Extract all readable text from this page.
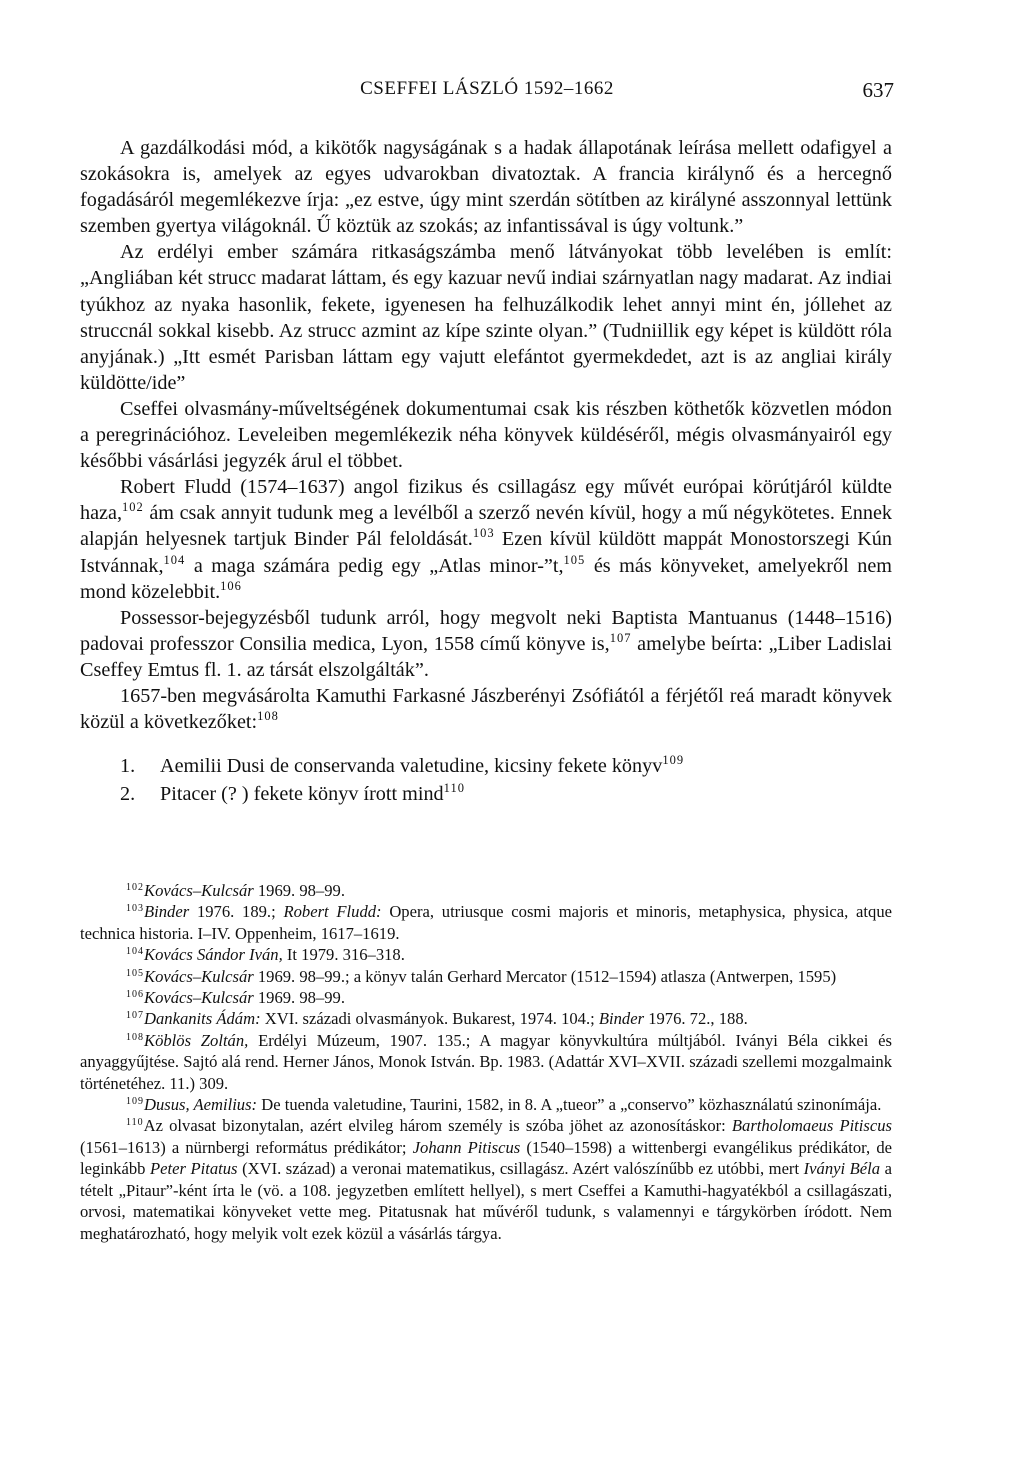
CSEFFEI LÁSZLÓ 1592–1662	637

A gazdálkodási mód, a kikötők nagyságának s a hadak állapotának leírása mellett odafigyel a szokásokra is, amelyek az egyes udvarokban divatoztak. A francia királynő és a hercegnő fogadásáról megemlékezve írja: „ez estve, úgy mint szerdán sötítben az királyné asszonnyal lettünk szemben gyertya világoknál. Ű köztük az szokás; az infantissával is úgy voltunk.”

Az erdélyi ember számára ritkaságszámba menő látványokat több levelében is említ: „Angliában két strucc madarat láttam, és egy kazuar nevű indiai szárnyatlan nagy madarat. Az indiai tyúkhoz az nyaka hasonlik, fekete, igyenesen ha felhuzálkodik lehet annyi mint én, jóllehet az struccnál sokkal kisebb. Az strucc azmint az kípe szinte olyan.” (Tudniillik egy képet is küldött róla anyjának.) „Itt esmét Parisban láttam egy vajutt elefántot gyermekdedet, azt is az angliai király küldötte/ide”

Cseffei olvasmány-műveltségének dokumentumai csak kis részben köthetők közvetlen módon a peregrinációhoz. Leveleiben megemlékezik néha könyvek küldéséről, mégis olvasmányairól egy későbbi vásárlási jegyzék árul el többet.

Robert Fludd (1574–1637) angol fizikus és csillagász egy művét európai körútjáról küldte haza,$^{102}$ ám csak annyit tudunk meg a levélből a szerző nevén kívül, hogy a mű négykötetes. Ennek alapján helyesnek tartjuk Binder Pál feloldását.$^{103}$ Ezen kívül küldött mappát Monostorszegi Kún Istvánnak,$^{104}$ a maga számára pedig egy „Atlas minor-”t,$^{105}$ és más könyveket, amelyekről nem mond közelebbit.$^{106}$

Possessor-bejegyzésből tudunk arról, hogy megvolt neki Baptista Mantuanus (1448–1516) padovai professzor Consilia medica, Lyon, 1558 című könyve is,$^{107}$ amelybe beírta: „Liber Ladislai Cseffey Emtus fl. 1. az társát elszolgálták”.

1657-ben megvásárolta Kamuthi Farkasné Jászberényi Zsófiától a férjétől reá maradt könyvek közül a következőket:$^{108}$

1. Aemilii Dusi de conservanda valetudine, kicsiny fekete könyv$^{109}$
2. Pitacer (? ) fekete könyv írott mind$^{110}$

$^{102}$Kovács–Kulcsár 1969. 98–99.

$^{103}$Binder 1976. 189.; Robert Fludd: Opera, utriusque cosmi majoris et minoris, metaphysica, physica, atque technica historia. I–IV. Oppenheim, 1617–1619.

$^{104}$Kovács Sándor Iván, It 1979. 316–318.

$^{105}$Kovács–Kulcsár 1969. 98–99.; a könyv talán Gerhard Mercator (1512–1594) atlasza (Antwerpen, 1595)

$^{106}$Kovács–Kulcsár 1969. 98–99.

$^{107}$Dankanits Ádám: XVI. századi olvasmányok. Bukarest, 1974. 104.; Binder 1976. 72., 188.

$^{108}$Köblös Zoltán, Erdélyi Múzeum, 1907. 135.; A magyar könyvkultúra múltjából. Iványi Béla cikkei és anyaggyűjtése. Sajtó alá rend. Herner János, Monok István. Bp. 1983. (Adattár XVI–XVII. századi szellemi mozgalmaink történetéhez. 11.) 309.

$^{109}$Dusus, Aemilius: De tuenda valetudine, Taurini, 1582, in 8. A „tueor” a „conservo” közhasználatú szinonímája.

$^{110}$Az olvasat bizonytalan, azért elvileg három személy is szóba jöhet az azonosításkor: Bartholomaeus Pitiscus (1561–1613) a nürnbergi református prédikátor; Johann Pitiscus (1540–1598) a wittenbergi evangélikus prédikátor, de leginkább Peter Pitatus (XVI. század) a veronai matematikus, csillagász. Azért valószínűbb ez utóbbi, mert Iványi Béla a tételt „Pitaur”-ként írta le (vö. a 108. jegyzetben említett hellyel), s mert Cseffei a Kamuthi-hagyatékból a csillagászati, orvosi, matematikai könyveket vette meg. Pitatusnak hat művéről tudunk, s valamennyi e tárgykörben íródott. Nem meghatározható, hogy melyik volt ezek közül a vásárlás tárgya.
